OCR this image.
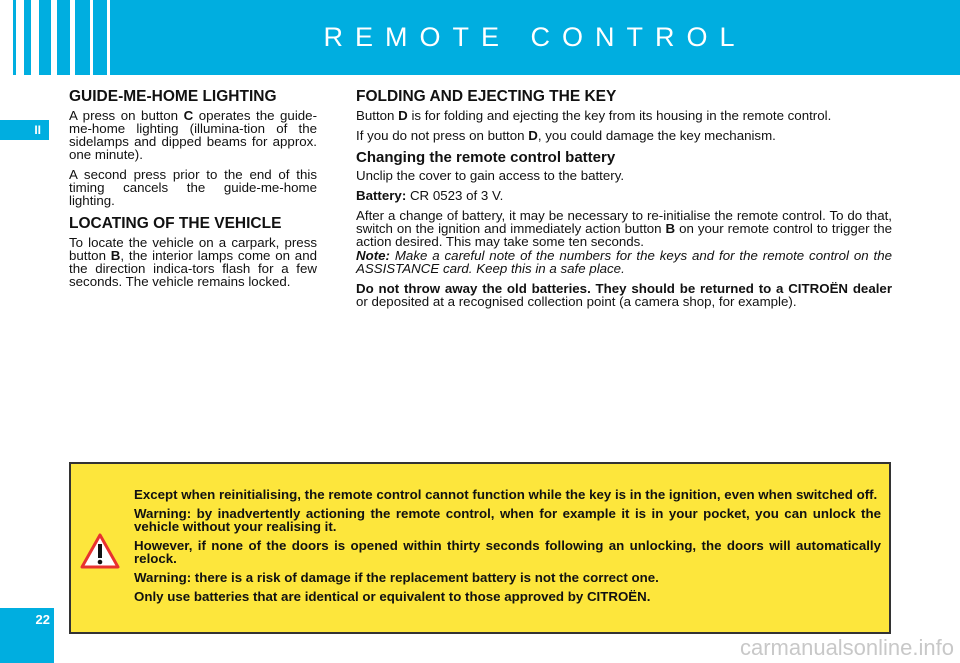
REMOTE CONTROL
II
22
GUIDE-ME-HOME LIGHTING

A press on button C operates the guide-me-home lighting (illumina-tion of the sidelamps and dipped beams for approx. one minute).

A second press prior to the end of this timing cancels the guide-me-home lighting.

LOCATING OF THE VEHICLE

To locate the vehicle on a carpark, press button B, the interior lamps come on and the direction indica-tors flash for a few seconds. The vehicle remains locked.

FOLDING AND EJECTING THE KEY

Button D is for folding and ejecting the key from its housing in the remote control.

If you do not press on button D, you could damage the key mechanism.

Changing the remote control battery

Unclip the cover to gain access to the battery.

Battery: CR 0523 of 3 V.

After a change of battery, it may be necessary to re-initialise the remote control. To do that, switch on the ignition and immediately action button B on your remote control to trigger the action desired. This may take some ten seconds.

Note: Make a careful note of the numbers for the keys and for the remote control on the ASSISTANCE card. Keep this in a safe place.

Do not throw away the old batteries. They should be returned to a CITROËN dealer or deposited at a recognised collection point (a camera shop, for example).

Except when reinitialising, the remote control cannot function while the key is in the ignition, even when switched off.

Warning: by inadvertently actioning the remote control, when for example it is in your pocket, you can unlock the vehicle without your realising it.

However, if none of the doors is opened within thirty seconds following an unlocking, the doors will automatically relock.

Warning: there is a risk of damage if the replacement battery is not the correct one.

Only use batteries that are identical or equivalent to those approved by CITROËN.

carmanualsonline.info
